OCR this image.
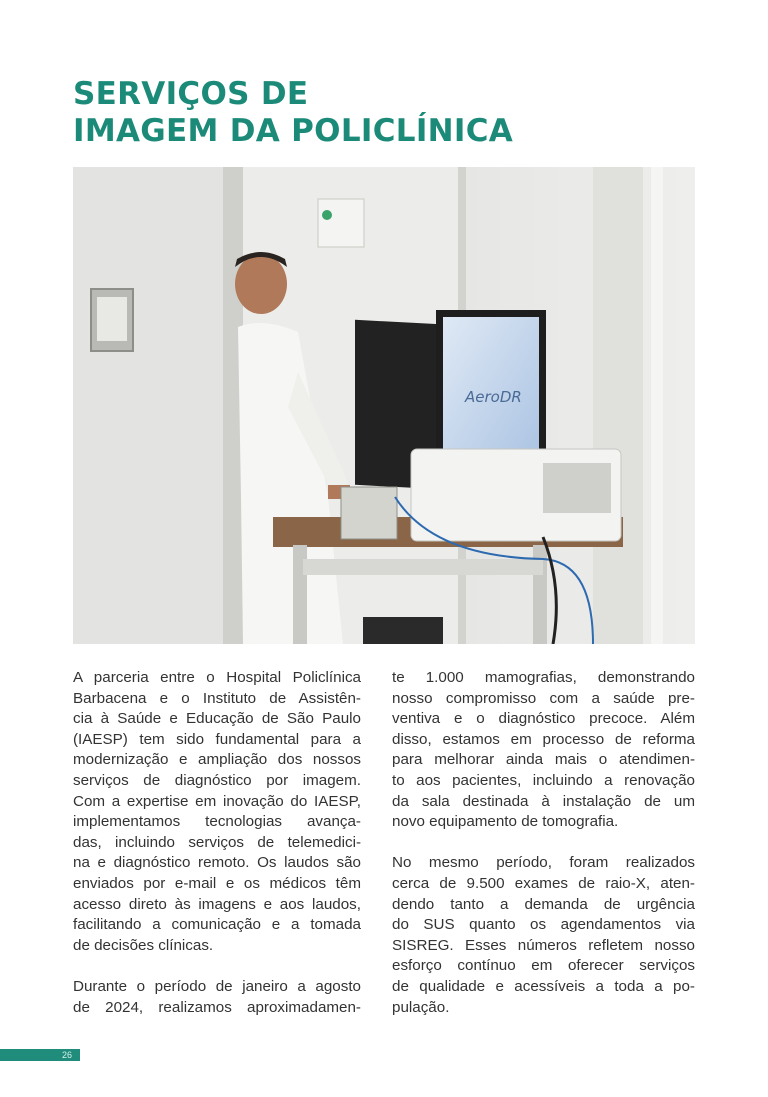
SERVIÇOS DE
IMAGEM DA POLICLÍNICA
AeroDR
A parceria entre o Hospital Policlínica
Barbacena e o Instituto de Assistên-
cia à Saúde e Educação de São Paulo
(IAESP) tem sido fundamental para a
modernização e ampliação dos nossos
serviços de diagnóstico por imagem.
Com a expertise em inovação do IAESP,
implementamos tecnologias avança-
das, incluindo serviços de telemedici-
na e diagnóstico remoto. Os laudos são
enviados por e-mail e os médicos têm
acesso direto às imagens e aos laudos,
facilitando a comunicação e a tomada
de decisões clínicas.
Durante o período de janeiro a agosto
de 2024, realizamos aproximadamen-
te 1.000 mamografias, demonstrando
nosso compromisso com a saúde pre-
ventiva e o diagnóstico precoce. Além
disso, estamos em processo de reforma
para melhorar ainda mais o atendimen-
to aos pacientes, incluindo a renovação
da sala destinada à instalação de um
novo equipamento de tomografia.
No mesmo período, foram realizados
cerca de 9.500 exames de raio-X, aten-
dendo tanto a demanda de urgência
do SUS quanto os agendamentos via
SISREG. Esses números refletem nosso
esforço contínuo em oferecer serviços
de qualidade e acessíveis a toda a po-
pulação.
26
